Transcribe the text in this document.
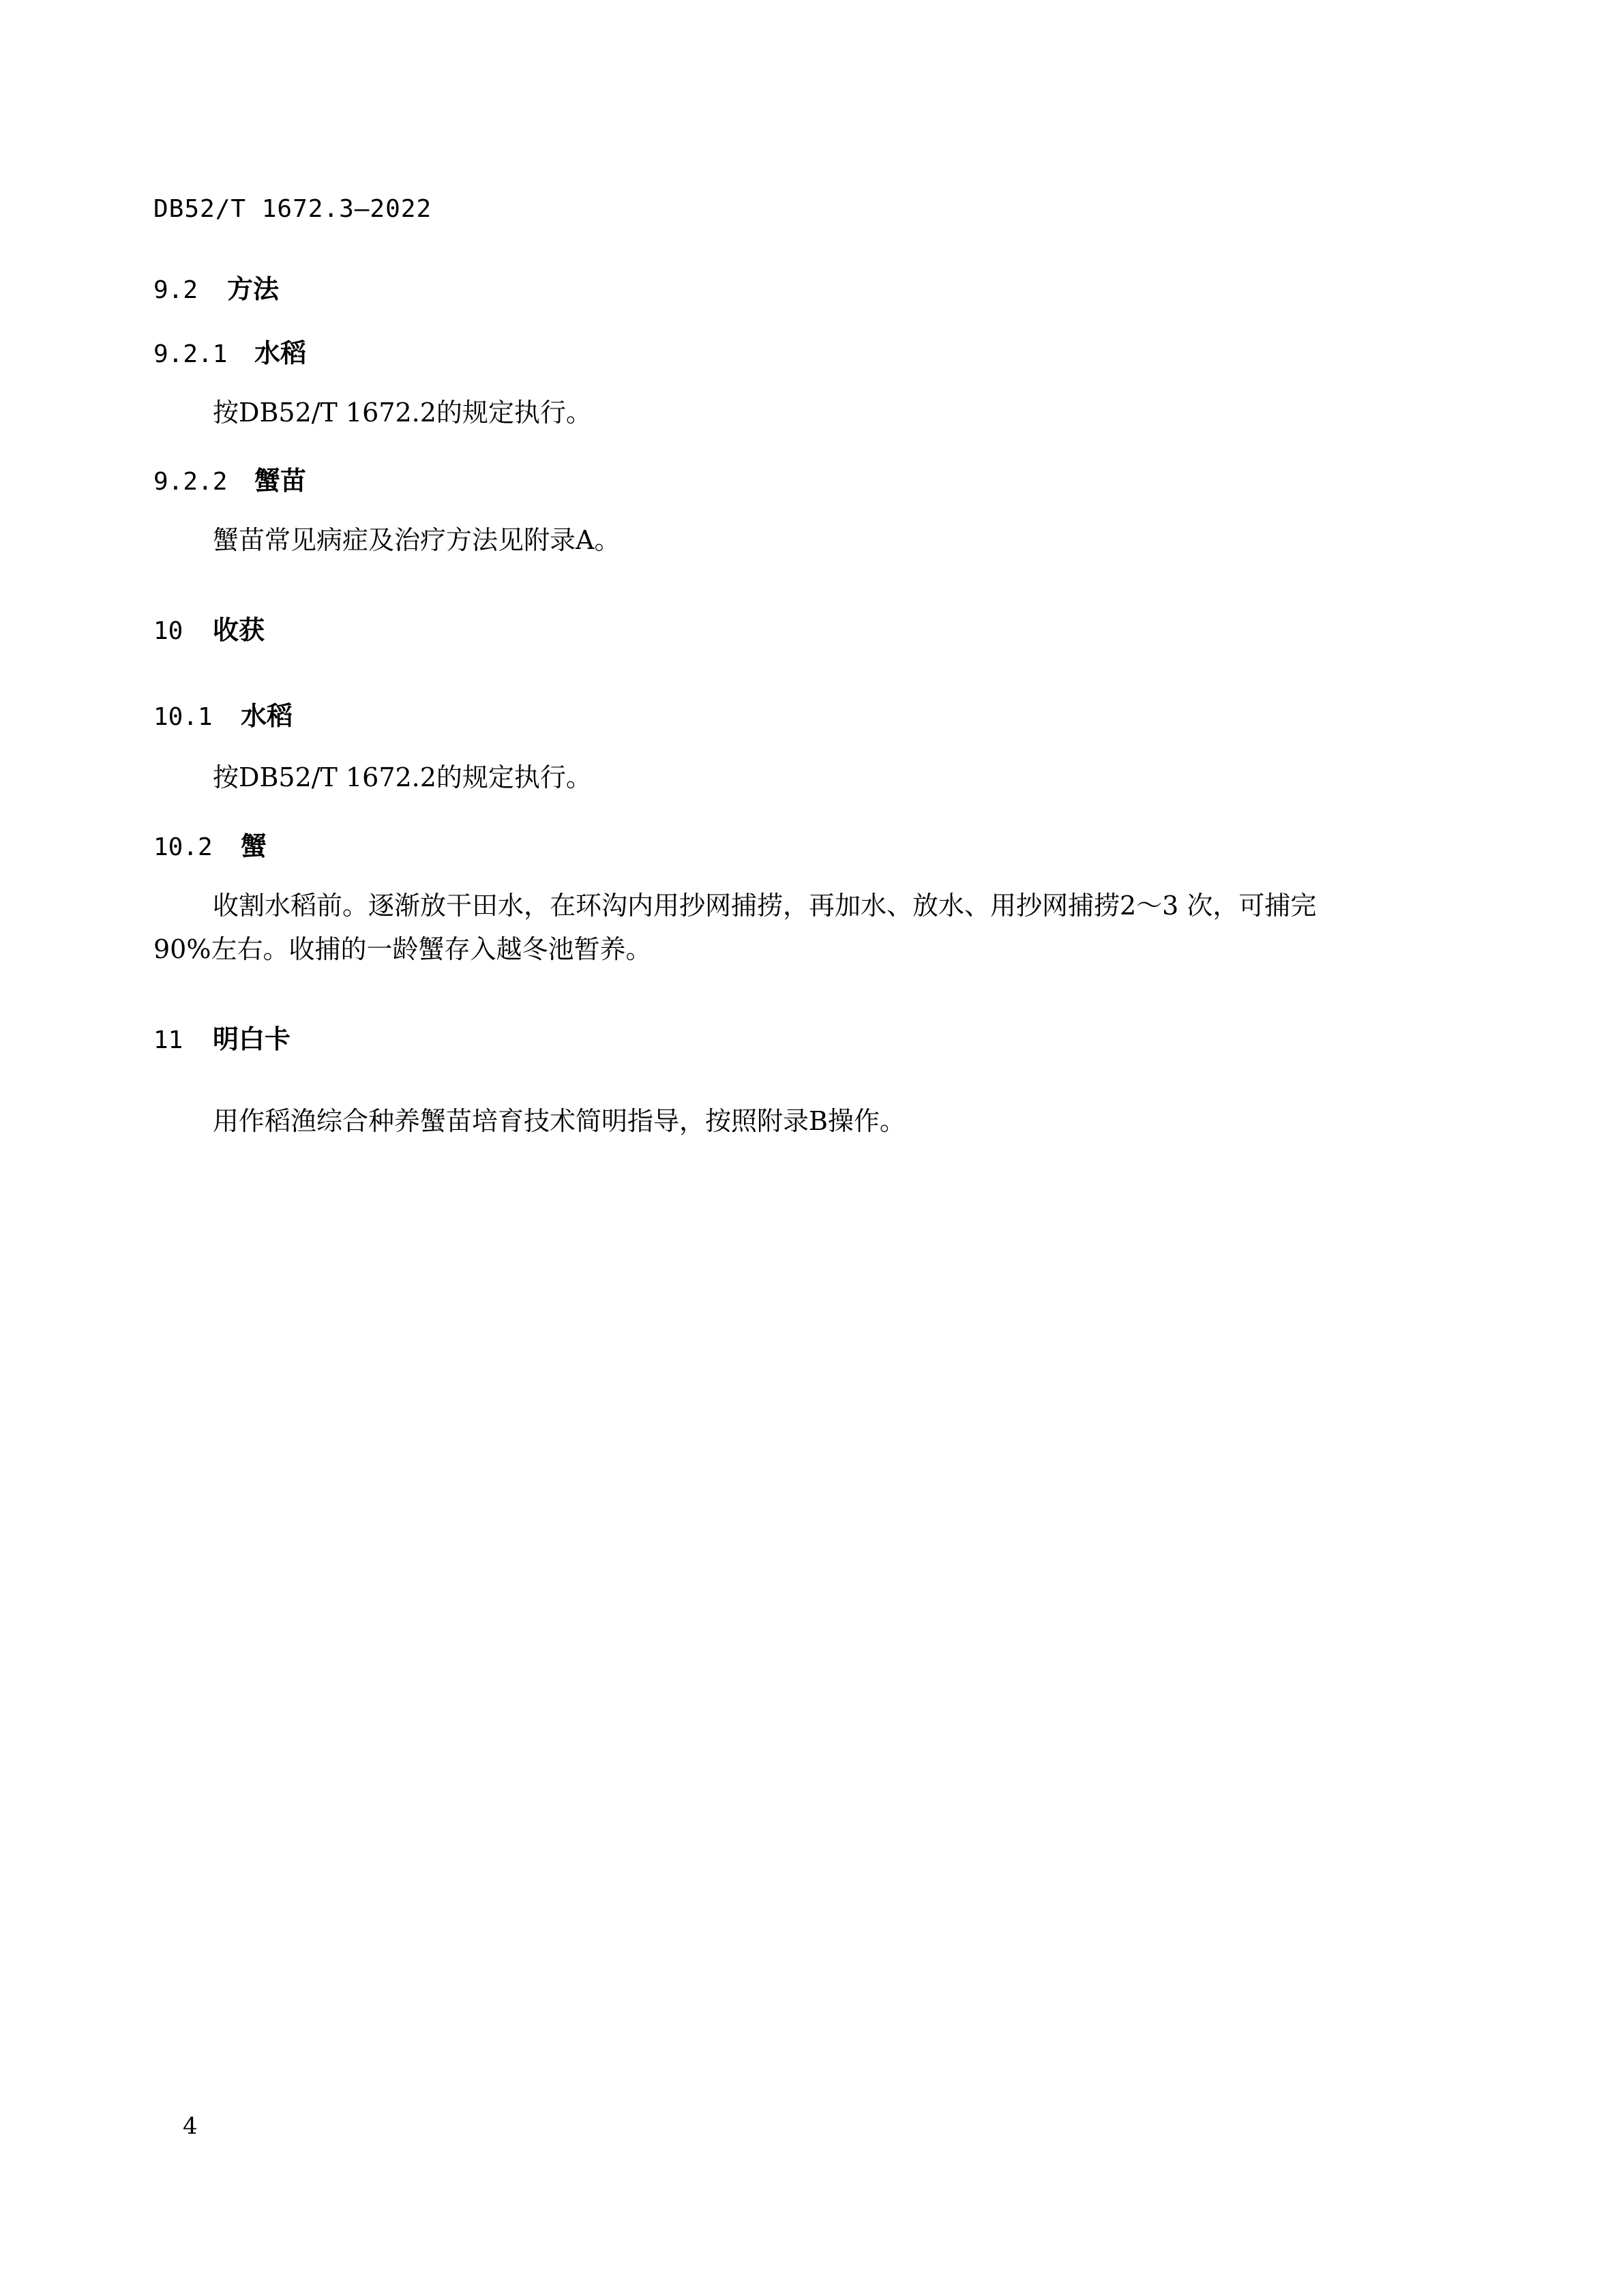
DB52/T 1672.3—2022
9.2 方法
9.2.1 水稻
按DB52/T 1672.2的规定执行。
9.2.2 蟹苗
蟹苗常见病症及治疗方法见附录A。
10 收获
10.1 水稻
按DB52/T 1672.2的规定执行。
10.2 蟹
收割水稻前。逐渐放干田水，在环沟内用抄网捕捞，再加水、放水、用抄网捕捞2～3 次，可捕完
90%左右。收捕的一龄蟹存入越冬池暂养。
11 明白卡
用作稻渔综合种养蟹苗培育技术简明指导，按照附录B操作。
4
